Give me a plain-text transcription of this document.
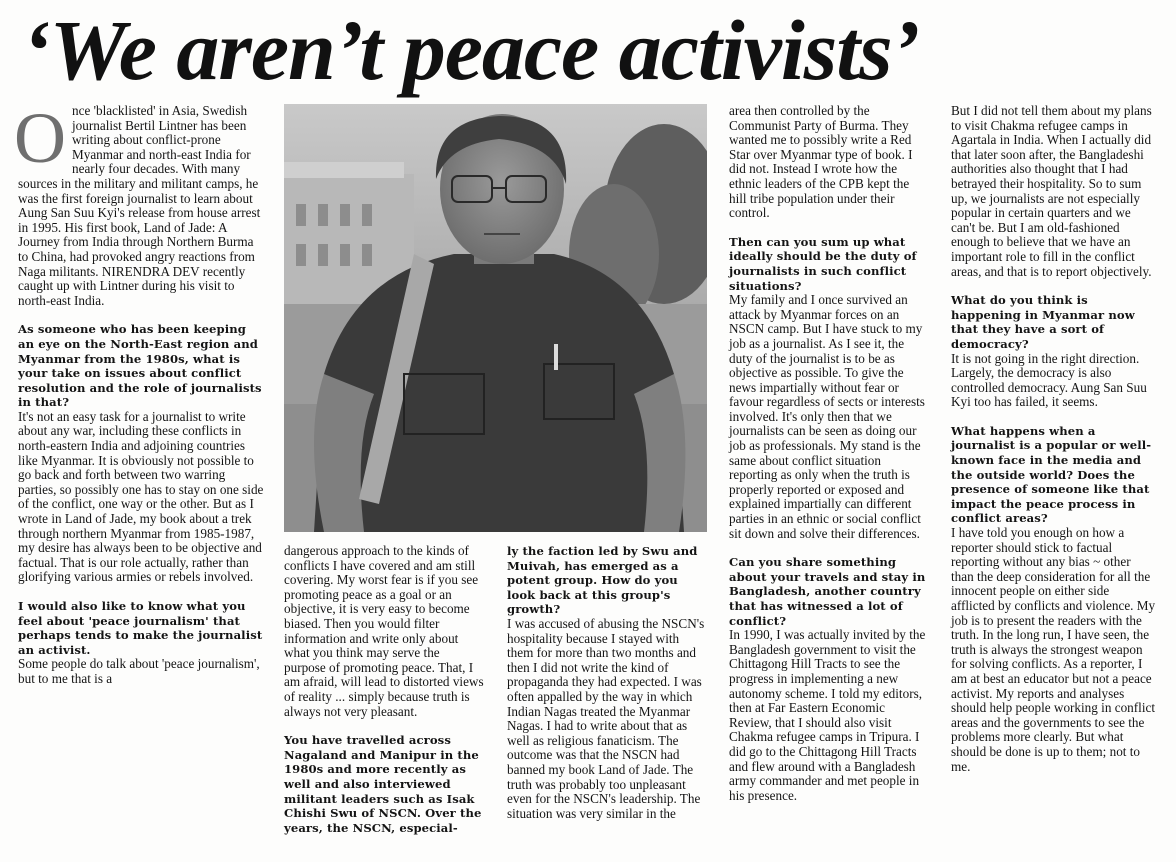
‘We aren’t peace activists’
O nce 'blacklisted' in Asia, Swedish journalist Bertil Lintner has been writing about conflict-prone Myanmar and north-east India for nearly four decades. With many sources in the military and militant camps, he was the first foreign journalist to learn about Aung San Suu Kyi's release from house arrest in 1995. His first book, Land of Jade: A Journey from India through Northern Burma to China, had provoked angry reactions from Naga militants. NIRENDRA DEV recently caught up with Lintner during his visit to north-east India.

As someone who has been keeping an eye on the North-East region and Myanmar from the 1980s, what is your take on issues about conflict resolution and the role of journalists in that?

It's not an easy task for a journalist to write about any war, including these conflicts in north-eastern India and adjoining countries like Myanmar. It is obviously not possible to go back and forth between two warring parties, so possibly one has to stay on one side of the conflict, one way or the other. But as I wrote in Land of Jade, my book about a trek through northern Myanmar from 1985-1987, my desire has always been to be objective and factual. That is our role actually, rather than glorifying various armies or rebels involved.

I would also like to know what you feel about 'peace journalism' that perhaps tends to make the journalist an activist.

Some people do talk about 'peace journalism', but to me that is a

dangerous approach to the kinds of conflicts I have covered and am still covering. My worst fear is if you see promoting peace as a goal or an objective, it is very easy to become biased. Then you would filter information and write only about what you think may serve the purpose of promoting peace. That, I am afraid, will lead to distorted views of reality ... simply because truth is always not very pleasant.

You have travelled across Nagaland and Manipur in the 1980s and more recently as well and also interviewed militant leaders such as Isak Chishi Swu of NSCN. Over the years, the NSCN, especial-

ly the faction led by Swu and Muivah, has emerged as a potent group. How do you look back at this group's growth?

I was accused of abusing the NSCN's hospitality because I stayed with them for more than two months and then I did not write the kind of propaganda they had expected. I was often appalled by the way in which Indian Nagas treated the Myanmar Nagas. I had to write about that as well as religious fanaticism. The outcome was that the NSCN had banned my book Land of Jade. The truth was probably too unpleasant even for the NSCN's leadership. The situation was very similar in the

area then controlled by the Communist Party of Burma. They wanted me to possibly write a Red Star over Myanmar type of book. I did not. Instead I wrote how the ethnic leaders of the CPB kept the hill tribe population under their control.

Then can you sum up what ideally should be the duty of journalists in such conflict situations?

My family and I once survived an attack by Myanmar forces on an NSCN camp. But I have stuck to my job as a journalist. As I see it, the duty of the journalist is to be as objective as possible. To give the news impartially without fear or favour regardless of sects or interests involved. It's only then that we journalists can be seen as doing our job as professionals. My stand is the same about conflict situation reporting as only when the truth is properly reported or exposed and explained impartially can different parties in an ethnic or social conflict sit down and solve their differences.

Can you share something about your travels and stay in Bangladesh, another country that has witnessed a lot of conflict?

In 1990, I was actually invited by the Bangladesh government to visit the Chittagong Hill Tracts to see the progress in implementing a new autonomy scheme. I told my editors, then at Far Eastern Economic Review, that I should also visit Chakma refugee camps in Tripura. I did go to the Chittagong Hill Tracts and flew around with a Bangladesh army commander and met people in his presence.

But I did not tell them about my plans to visit Chakma refugee camps in Agartala in India. When I actually did that later soon after, the Bangladeshi authorities also thought that I had betrayed their hospitality. So to sum up, we journalists are not especially popular in certain quarters and we can't be. But I am old-fashioned enough to believe that we have an important role to fill in the conflict areas, and that is to report objectively.

What do you think is happening in Myanmar now that they have a sort of democracy?

It is not going in the right direction. Largely, the democracy is also controlled democracy. Aung San Suu Kyi too has failed, it seems.

What happens when a journalist is a popular or well-known face in the media and the outside world? Does the presence of someone like that impact the peace process in conflict areas?

I have told you enough on how a reporter should stick to factual reporting without any bias ~ other than the deep consideration for all the innocent people on either side afflicted by conflicts and violence. My job is to present the readers with the truth. In the long run, I have seen, the truth is always the strongest weapon for solving conflicts. As a reporter, I am at best an educator but not a peace activist. My reports and analyses should help people working in conflict areas and the governments to see the problems more clearly. But what should be done is up to them; not to me.
